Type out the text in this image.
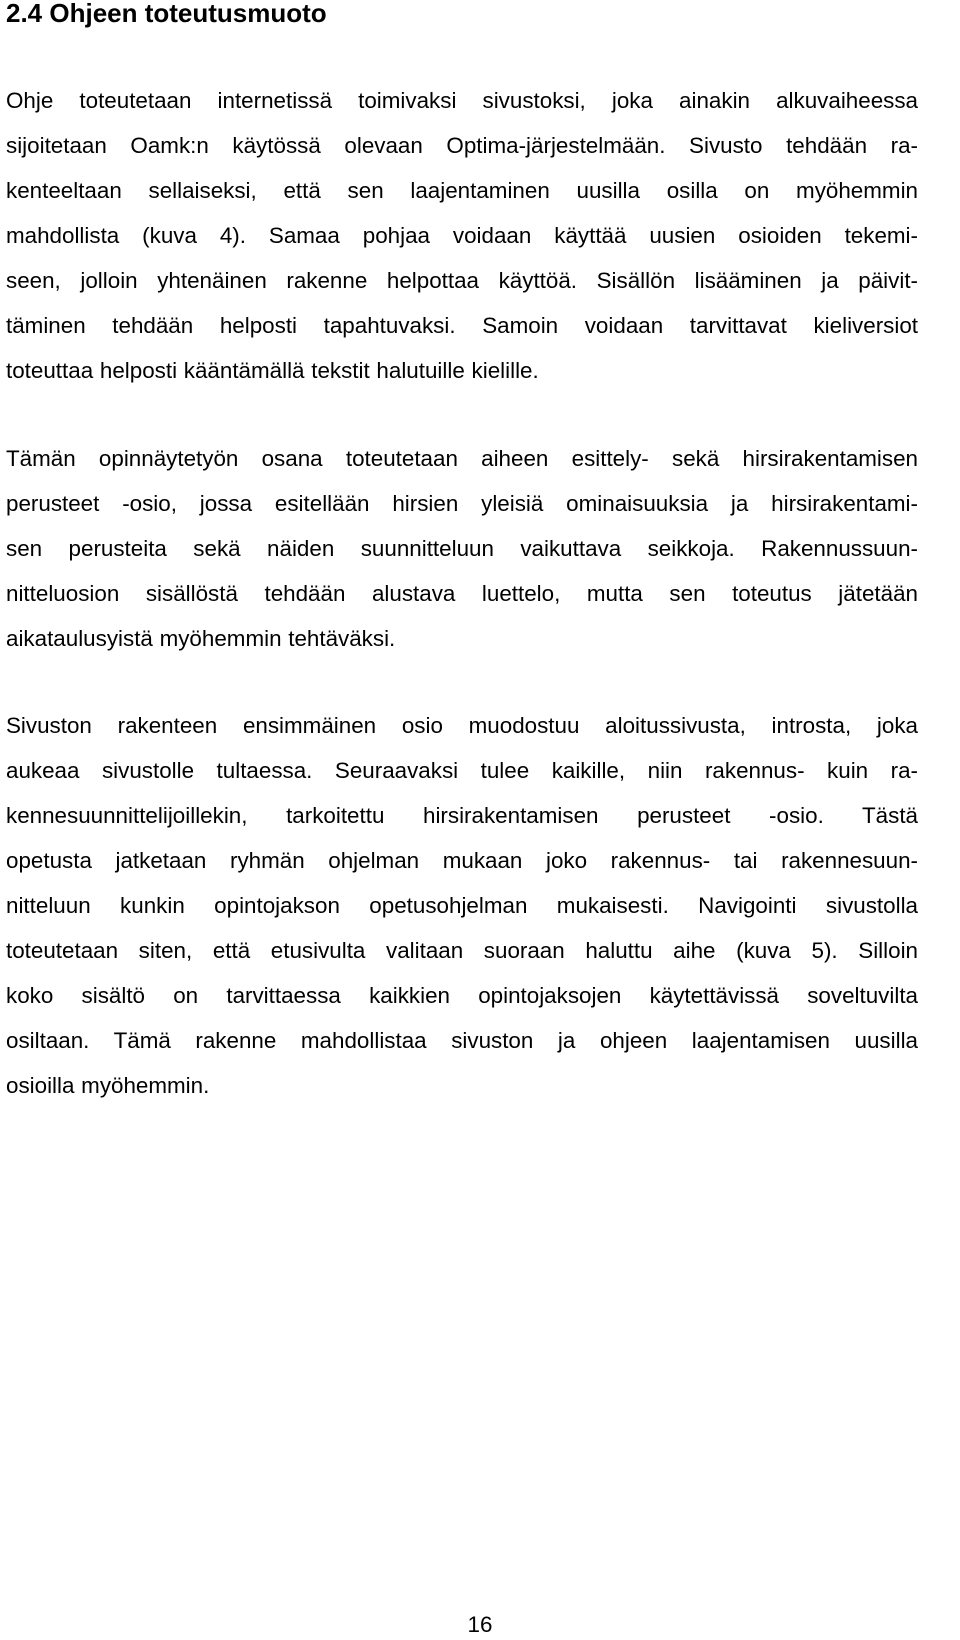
2.4 Ohjeen toteutusmuoto

Ohje toteutetaan internetissä toimivaksi sivustoksi, joka ainakin alkuvaiheessa
sijoitetaan Oamk:n käytössä olevaan Optima-järjestelmään. Sivusto tehdään ra-
kenteeltaan sellaiseksi, että sen laajentaminen uusilla osilla on myöhemmin
mahdollista (kuva 4). Samaa pohjaa voidaan käyttää uusien osioiden tekemi-
seen, jolloin yhtenäinen rakenne helpottaa käyttöä. Sisällön lisääminen ja päivit-
täminen tehdään helposti tapahtuvaksi. Samoin voidaan tarvittavat kieliversiot
toteuttaa helposti kääntämällä tekstit halutuille kielille.

Tämän opinnäytetyön osana toteutetaan aiheen esittely- sekä hirsirakentamisen
perusteet -osio, jossa esitellään hirsien yleisiä ominaisuuksia ja hirsirakentami-
sen perusteita sekä näiden suunnitteluun vaikuttava seikkoja. Rakennussuun-
nitteluosion sisällöstä tehdään alustava luettelo, mutta sen toteutus jätetään
aikataulusyistä myöhemmin tehtäväksi.

Sivuston rakenteen ensimmäinen osio muodostuu aloitussivusta, introsta, joka
aukeaa sivustolle tultaessa. Seuraavaksi tulee kaikille, niin rakennus- kuin ra-
kennesuunnittelijoillekin, tarkoitettu hirsirakentamisen perusteet -osio. Tästä
opetusta jatketaan ryhmän ohjelman mukaan joko rakennus- tai rakennesuun-
nitteluun kunkin opintojakson opetusohjelman mukaisesti. Navigointi sivustolla
toteutetaan siten, että etusivulta valitaan suoraan haluttu aihe (kuva 5). Silloin
koko sisältö on tarvittaessa kaikkien opintojaksojen käytettävissä soveltuvilta
osiltaan. Tämä rakenne mahdollistaa sivuston ja ohjeen laajentamisen uusilla
osioilla myöhemmin.

16
